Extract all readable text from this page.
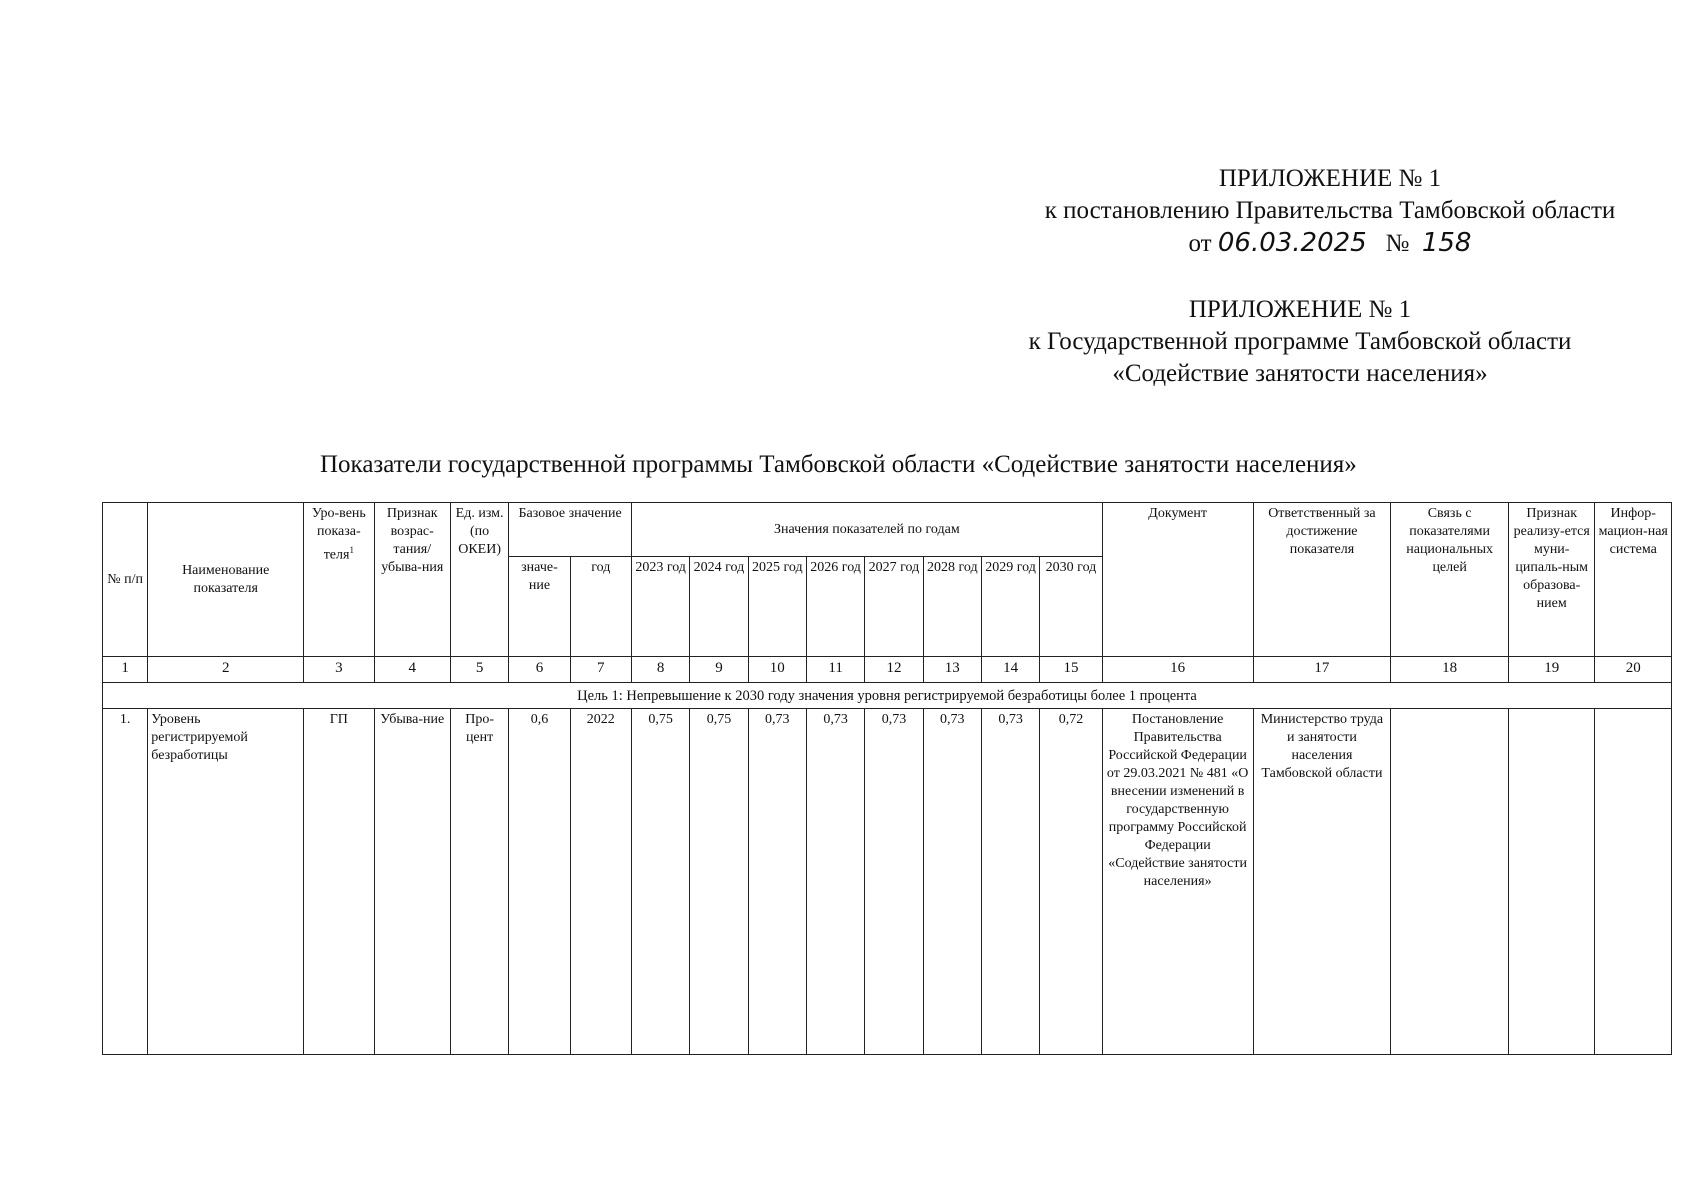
ПРИЛОЖЕНИЕ № 1
к постановлению Правительства Тамбовской области
от 06.03.2025 № 158
ПРИЛОЖЕНИЕ № 1
к Государственной программе Тамбовской области
«Содействие занятости населения»
Показатели государственной программы Тамбовской области «Содействие занятости населения»
№ п/п	Наименование показателя	Уро-вень показа-теля$^1$	Признак возрас-тания/ убыва-ния	Ед. изм. (по ОКЕИ)	Базовое значение		Значения показателей по годам								Документ	Ответственный за достижение показателя	Связь с показателями национальных целей	Признак реализу-ется муни-ципаль-ным образова-нием	Инфор-мацион-ная система
					значе-ние	год	2023 год	2024 год	2025 год	2026 год	2027 год	2028 год	2029 год	2030 год					
1	2	3	4	5	6	7	8	9	10	11	12	13	14	15	16	17	18	19	20
Цель 1: Непревышение к 2030 году значения уровня регистрируемой безработицы более 1 процента																			
1.	Уровень регистрируемой безработицы	ГП	Убыва-ние	Про-цент	0,6	2022	0,75	0,75	0,73	0,73	0,73	0,73	0,73	0,72	Постановление Правительства Российской Федерации от 29.03.2021 № 481 «О внесении изменений в государственную программу Российской Федерации «Содействие занятости населения»	Министерство труда и занятости населения Тамбовской области			
